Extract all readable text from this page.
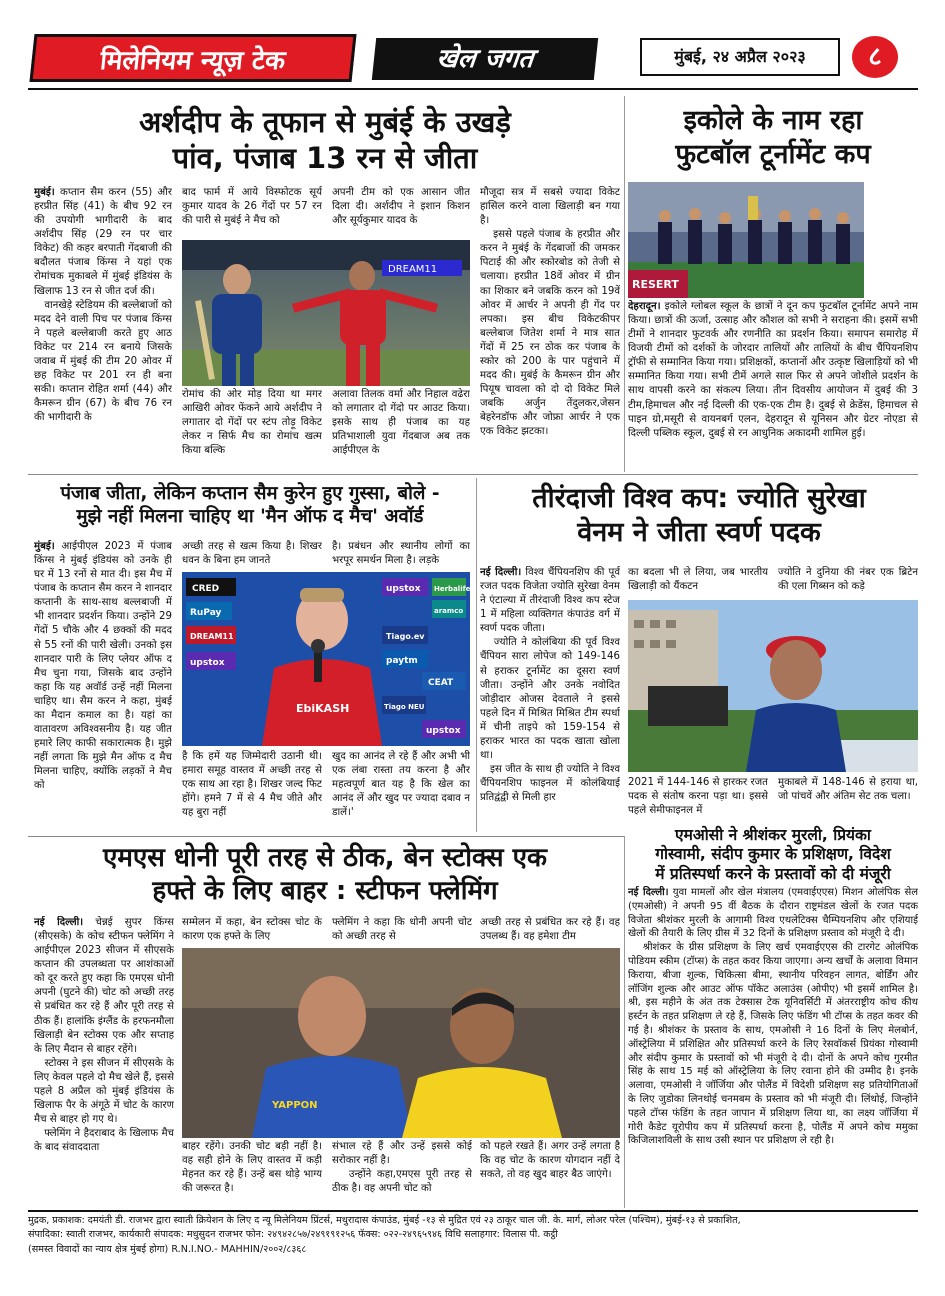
मिलेनियम न्यूज़ टेक	खेल जगत	मुंबई, २४ अप्रैल २०२३	८
अर्शदीप के तूफान से मुबंई के उखड़े
पांव, पंजाब 13 रन से जीता
मुबंई। कप्तान सैम करन (55) और हरप्रीत सिंह (41) के बीच 92 रन की उपयोगी भागीदारी के बाद अर्शदीप सिंह (29 रन पर चार विकेट) की कहर बरपाती गेंदबाजी की बदौलत पंजाब किंग्स ने यहां एक रोमांचक मुकाबले में मुंबई इंडियंस के खिलाफ 13 रन से जीत दर्ज की।
वानखेड़े स्टेडियम की बल्लेबाजों को मदद देने वाली पिच पर पंजाब किंग्स ने पहले बल्लेबाजी करते हुए आठ विकेट पर 214 रन बनाये जिसके जवाब में मुंबई की टीम 20 ओवर में छह विकेट पर 201 रन ही बना सकी। कप्तान रोहित शर्मा (44) और कैमरून ग्रीन (67) के बीच 76 रन की भागीदारी के
बाद फार्म में आये विस्फोटक सूर्य कुमार यादव के 26 गेंदों पर 57 रन की पारी से मुबंई ने मैच को
अपनी टीम को एक आसान जीत दिला दी। अर्शदीप ने इशान किशन और सूर्यकुमार यादव के
DREAM11
रोमांच की ओर मोड़ दिया था मगर आखिरी ओवर फेंकने आये अर्शदीप ने लगातार दो गेंदों पर स्टंप तोड़ू विकेट लेकर न सिर्फ मैच का रोमांच खत्म किया बल्कि
अलावा तिलक वर्मा और निहाल वढेरा को लगातार दो गेंदो पर आउट किया। इसके साथ ही पंजाब का यह प्रतिभाशाली युवा गेंदबाज अब तक आईपीएल के
मौजूदा सत्र में सबसे ज्यादा विकेट हासिल करने वाला खिलाड़ी बन गया है।
इससे पहले पंजाब के हरप्रीत और करन ने मुबंई के गेंदबाजों की जमकर पिटाई की और स्कोरबोड को तेजी से चलाया। हरप्रीत 18वें ओवर में ग्रीन का शिकार बने जबकि करन को 19वें ओवर में आर्चर ने अपनी ही गेंद पर लपका। इस बीच विकेटकीपर बल्लेबाज जितेश शर्मा ने मात्र सात गेंदों में 25 रन ठोक कर पंजाब के स्कोर को 200 के पार पहुंचाने में मदद की। मुबंई के कैमरून ग्रीन और पियूष चावला को दो दो विकेट मिले जबकि अर्जुन तेंदुलकर,जेसन बेहरेनडॉफ और जोफ्रा आर्चर ने एक एक विकेट झटका।
इकोले के नाम रहा
फुटबॉल टूर्नामेंट कप
RESERT
देहरादून। इकोले ग्लोबल स्कूल के छात्रों ने दून कप फुटबॉल टूर्नामेंट अपने नाम किया। छात्रों की ऊर्जा, उत्साह और कौशल को सभी ने सराहना की। इसमें सभी टीमों ने शानदार फुटवर्क और रणनीति का प्रदर्शन किया। समापन समारोह में विजयी टीमों को दर्शकों के जोरदार तालियों और तालियों के बीच चैंपियनशिप ट्रॉफी से सम्मानित किया गया। प्रशिक्षकों, कप्तानों और उत्कृष्ट खिलाड़ियों को भी सम्मानित किया गया। सभी टीमें अगले साल फिर से अपने जोशीले प्रदर्शन के साथ वापसी करने का संकल्प लिया। तीन दिवसीय आयोजन में दुबई की 3 टीम,हिमाचल और नई दिल्ली की एक-एक टीम है। दुबई से क्रेडेंस, हिमाचल से पाइन ग्रो,मसूरी से वायनबर्ग एलन, देहरादून से यूनिसन और ग्रेटर नोएडा से दिल्ली पब्लिक स्कूल, दुबई से रन आधुनिक अकादमी शामिल हुई।
पंजाब जीता, लेकिन कप्तान सैम कुरेन हुए गुस्सा, बोले -
मुझे नहीं मिलना चाहिए था 'मैन ऑफ द मैच' अवॉर्ड
मुंबई। आईपीएल 2023 में पंजाब किंग्स ने मुंबई इंडियंस को उनके ही घर में 13 रनों से मात दी। इस मैच में पंजाब के कप्तान सैम करन ने शानदार कप्तानी के साथ-साथ बल्लबाजी में भी शानदार प्रदर्शन किया। उन्होंने 29 गेंदों 5 चौके और 4 छक्कों की मदद से 55 रनों की पारी खेली। उनको इस शानदार पारी के लिए प्लेयर ऑफ द मैच चुना गया, जिसके बाद उन्होंने कहा कि यह अवॉर्ड उन्हें नहीं मिलना चाहिए था। सैम करन ने कहा, मुंबई का मैदान कमाल का है। यहां का वातावरण अविश्वसनीय है। यह जीत हमारे लिए काफी सकारात्मक है। मुझे नहीं लगता कि मुझे मैन ऑफ द मैच मिलना चाहिए, क्योंकि लड़कों ने मैच को
अच्छी तरह से खत्म किया है। शिखर धवन के बिना हम जानते
है। प्रबंधन और स्थानीय लोगों का भरपूर समर्थन मिला है। लड़के
CRED	upstox Herbalife
aramco
RuPay
DREAM11	Tiago.ev
CEAT
paytm
upstox
Tiago NEU
upstox
EbiKASH
है कि हमें यह जिम्मेदारी उठानी थी। हमारा समूह वास्तव में अच्छी तरह से एक साथ आ रहा है। शिखर जल्द फिट होंगे। हमने 7 में से 4 मैच जीते और यह बुरा नहीं
खुद का आनंद ले रहे हैं और अभी भी एक लंबा रास्ता तय करना है और महत्वपूर्ण बात यह है कि खेल का आनंद लें और खुद पर ज्यादा दबाव न डालें।'
तीरंदाजी विश्व कप: ज्योति सुरेखा
वेनम ने जीता स्वर्ण पदक
नई दिल्ली। विश्व चैंपियनशिप की पूर्व रजत पदक विजेता ज्योति सुरेखा वेनम ने एंटाल्या में तीरंदाजी विश्व कप स्टेज 1 में महिला व्यक्तिगत कंपाउंड वर्ग में स्वर्ण पदक जीता।
ज्योति ने कोलंबिया की पूर्व विश्व चैंपियन सारा लोपेज को 149-146 से हराकर टूर्नामेंट का दूसरा स्वर्ण जीता। उन्होंने और उनके नवोदित जोड़ीदार ओजस देवताले ने इससे पहले दिन में मिश्रित मिश्रित टीम स्पर्धा में चीनी ताइपे को 159-154 से हराकर भारत का पदक खाता खोला था।
इस जीत के साथ ही ज्योति ने विश्व चैंपियनशिप फाइनल में कोलंबियाई प्रतिद्वंद्वी से मिली हार
का बदला भी ले लिया, जब भारतीय खिलाड़ी को यैंकटन
ज्योति ने दुनिया की नंबर एक ब्रिटेन की एला गिब्सन को कड़े
2021 में 144-146 से हारकर रजत पदक से संतोष करना पड़ा था। इससे पहले सेमीफाइनल में
मुकाबले में 148-146 से हराया था, जो पांचवें और अंतिम सेट तक चला।
एमओसी ने श्रीशंकर मुरली, प्रियंका
गोस्वामी, संदीप कुमार के प्रशिक्षण, विदेश
में प्रतिस्पर्धा करने के प्रस्तावों को दी मंजूरी
नई दिल्ली। युवा मामलों और खेल मंत्रालय (एमवाईएएस) मिशन ओलंपिक सेल (एमओसी) ने अपनी 95 वीं बैठक के दौरान राष्ट्रमंडल खेलों के रजत पदक विजेता श्रीशंकर मुरली के आगामी विश्व एथलेटिक्स चैम्पियनशिप और एशियाई खेलों की तैयारी के लिए ग्रीस में 32 दिनों के प्रशिक्षण प्रस्ताव को मंजूरी दे दी।
श्रीशंकर के ग्रीस प्रशिक्षण के लिए खर्च एमवाईएएस की टारगेट ओलंपिक पोडियम स्कीम (टॉप्स) के तहत कवर किया जाएगा। अन्य खर्चों के अलावा विमान किराया, बीजा शुल्क, चिकित्सा बीमा, स्थानीय परिवहन लागत, बोर्डिंग और लॉजिंग शुल्क और आउट ऑफ पॉकेट अलाउंस (ओपीए) भी इसमें शामिल है। श्री, इस महीने के अंत तक टेक्सास टेक यूनिवर्सिटी में अंतरराष्ट्रीय कोच कीथ हर्स्टन के तहत प्रशिक्षण ले रहे हैं, जिसके लिए फंडिंग भी टॉप्स के तहत कवर की गई है। श्रीशंकर के प्रस्ताव के साथ, एमओसी ने 16 दिनों के लिए मेलबोर्न, ऑस्ट्रेलिया में प्रशिक्षित और प्रतिस्पर्धा करने के लिए रेसवॉकर्स प्रियंका गोस्वामी और संदीप कुमार के प्रस्तावों को भी मंजूरी दे दी। दोनों के अपने कोच गुरमीत सिंह के साथ 15 मई को ऑस्ट्रेलिया के लिए रवाना होने की उम्मीद है। इनके अलावा, एमओसी ने जॉर्जिया और पोलैंड में विदेशी प्रशिक्षण सह प्रतियोगिताओं के लिए जुडोका लिनथोई चनमबम के प्रस्ताव को भी मंजूरी दी। लिंथोई, जिन्होंने पहले टॉप्स फंडिंग के तहत जापान में प्रशिक्षण लिया था, का लक्ष्य जॉर्जिया में गोरी कैडेट यूरोपीय कप में प्रतिस्पर्धा करना है, पोलैंड में अपने कोच ममुका किजिलाशविली के साथ उसी स्थान पर प्रशिक्षण ले रही है।
एमएस धोनी पूरी तरह से ठीक, बेन स्टोक्स एक
हफ्ते के लिए बाहर : स्टीफन फ्लेमिंग
नई दिल्ली। चेन्नई सुपर किंग्स (सीएसके) के कोच स्टीफन फ्लेमिंग ने आईपीएल 2023 सीजन में सीएसके कप्तान की उपलब्धता पर आशंकाओं को दूर करते हुए कहा कि एमएस धोनी अपनी (घुटने की) चोट को अच्छी तरह से प्रबंधित कर रहे हैं और पूरी तरह से ठीक हैं। हालांकि इंग्लैंड के हरफनमौला खिलाड़ी बेन स्टोक्स एक और सप्ताह के लिए मैदान से बाहर रहेंगे।
स्टोक्स ने इस सीजन में सीएसके के लिए केवल पहले दो मैच खेले हैं, इससे पहले 8 अप्रैल को मुंबई इंडियंस के खिलाफ पैर के अंगूठे में चोट के कारण मैच से बाहर हो गए थे।
फ्लेमिंग ने हैदराबाद के खिलाफ मैच के बाद संवाददाता
सम्मेलन में कहा, बेन स्टोक्स चोट के कारण एक हफ्ते के लिए
फ्लेमिंग ने कहा कि धोनी अपनी चोट को अच्छी तरह से
अच्छी तरह से प्रबंधित कर रहे हैं। वह उपलब्ध हैं। वह हमेशा टीम
YAPPON
बाहर रहेंगे। उनकी चोट बड़ी नहीं है। वह सही होने के लिए वास्तव में कड़ी मेहनत कर रहे हैं। उन्हें बस थोड़े भाग्य की जरूरत है।
संभाल रहे हैं और उन्हें इससे कोई सरोकार नहीं है।
उन्होंने कहा,एमएस पूरी तरह से ठीक है। वह अपनी चोट को
को पहले रखते हैं। अगर उन्हें लगता है कि वह चोट के कारण योगदान नहीं दे सकते, तो वह खुद बाहर बैठ जाएंगे।
मुद्रक, प्रकाशक: दमयंती डी. राजभर द्वारा स्वाती क्रियेशन के लिए द न्यू मिलेनियम प्रिंटर्स, मथुरादास कंपाउंड, मुंबई -१३ से मुद्रित एवं २३ ठाकूर चाल जी. के. मार्ग, लोअर परेल (पश्चिम), मुंबई-१३ से प्रकाशित,
संपादिका: स्वाती राजभर, कार्यकारी संपादक: मधुसुदन राजभर फोन: २४९४२८५७/२४९१९१२५६ फॅक्स: ०२२-२४९६५९४६ विधि सलाहगार: विलास पी. कट्ठी
(समस्त विवादों का न्याय क्षेत्र मुंबई होगा) R.N.I.NO.- MAHHIN/२००२/८३६८
